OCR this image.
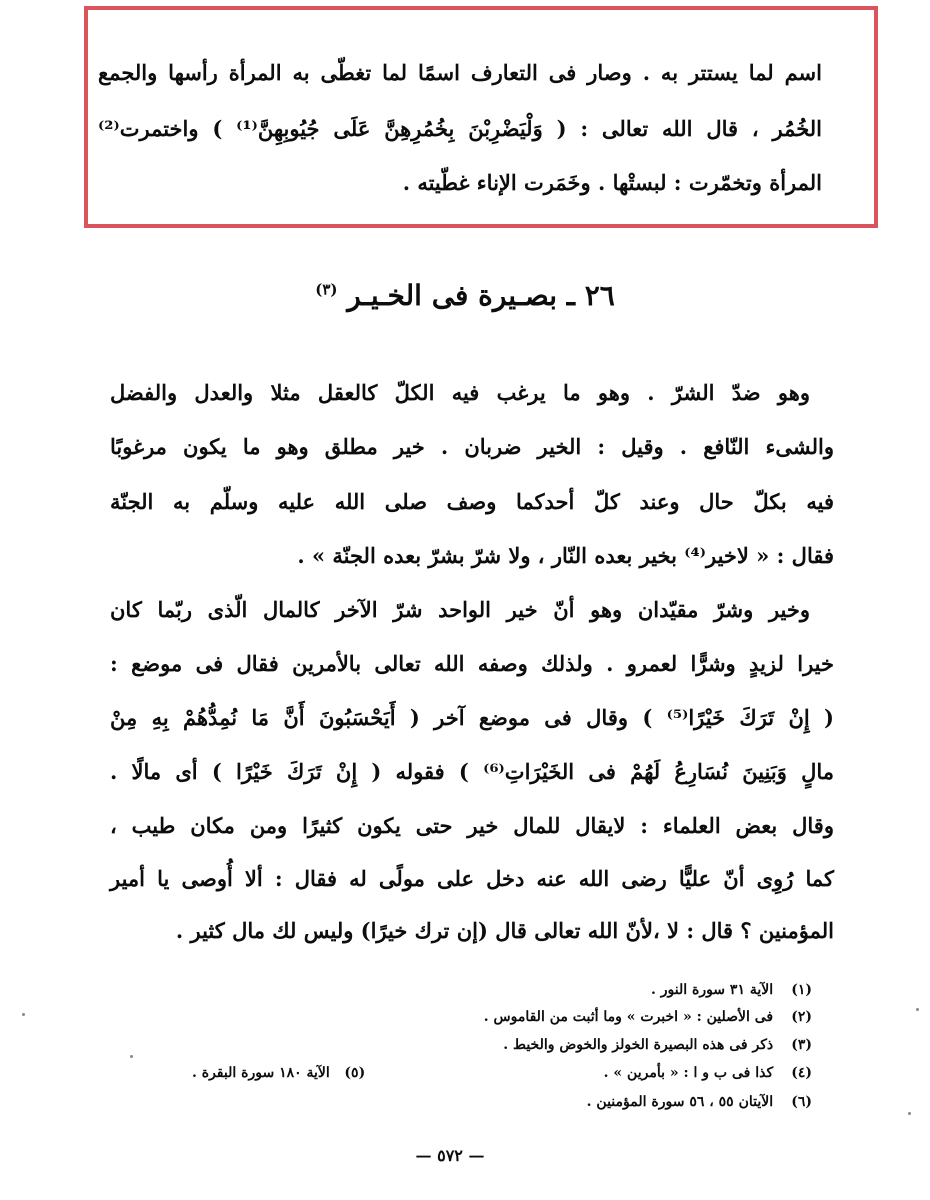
اسم لما يستتر به . وصار فى التعارف اسمًا لما تغطّى به المرأة رأسها والجمع
الخُمُر ، قال الله تعالى : ( وَلْيَضْرِبْنَ بِخُمُرِهِنَّ عَلَى جُيُوبِهِنَّ⁽¹⁾ ) واختمرت⁽²⁾
المرأة وتخمّرت : لبستْها . وخَمَرت الإناء غطّيته .
٢٦ ـ بصـيرة فى الخـيـر $^{(٣)}$
وهو ضدّ الشرّ . وهو ما يرغب فيه الكلّ كالعقل مثلا والعدل والفضل
والشىء النّافع . وقيل : الخير ضربان . خير مطلق وهو ما يكون مرغوبًا
فيه بكلّ حال وعند كلّ أحدكما وصف صلى الله عليه وسلّم به الجنّة
فقال : « لاخير⁽⁴⁾ بخير بعده النّار ، ولا شرّ بشرّ بعده الجنّة » .
وخير وشرّ مقيّدان وهو أنّ خير الواحد شرّ الآخر كالمال الّذى ربّما كان
خيرا لزيدٍ وشرًّا لعمرو . ولذلك وصفه الله تعالى بالأمرين فقال فى موضع :
( إِنْ تَرَكَ خَيْرًا⁽⁵⁾ ) وقال فى موضع آخر ( أَيَحْسَبُونَ أَنَّ مَا نُمِدُّهُمْ بِهِ مِنْ
مالٍ وَبَنِينَ نُسَارِعُ لَهُمْ فى الخَيْرَاتِ⁽⁶⁾ ) فقوله ( إِنْ تَرَكَ خَيْرًا ) أى مالًا .
وقال بعض العلماء : لايقال للمال خير حتى يكون كثيرًا ومن مكان طيب ،
كما رُوِى أنّ عليًّا رضى الله عنه دخل على مولًى له فقال : ألا أُوصى يا أمير
المؤمنين ؟ قال : لا ،لأنّ الله تعالى قال (إن ترك خيرًا) وليس لك مال كثير .
(١) الآية ٣١ سورة النور .
(٢) فى الأصلين : « اخبرت » وما أثبت من القاموس .
(٣) ذكر فى هذه البصيرة الخولز والخوض والخيط .
(٤) كذا فى ب و ا : « بأمرين » .
(٥)   الآية ١٨٠ سورة البقرة .
(٦) الآيتان ٥٥ ، ٥٦ سورة المؤمنين .
— ٥٧٢ —
